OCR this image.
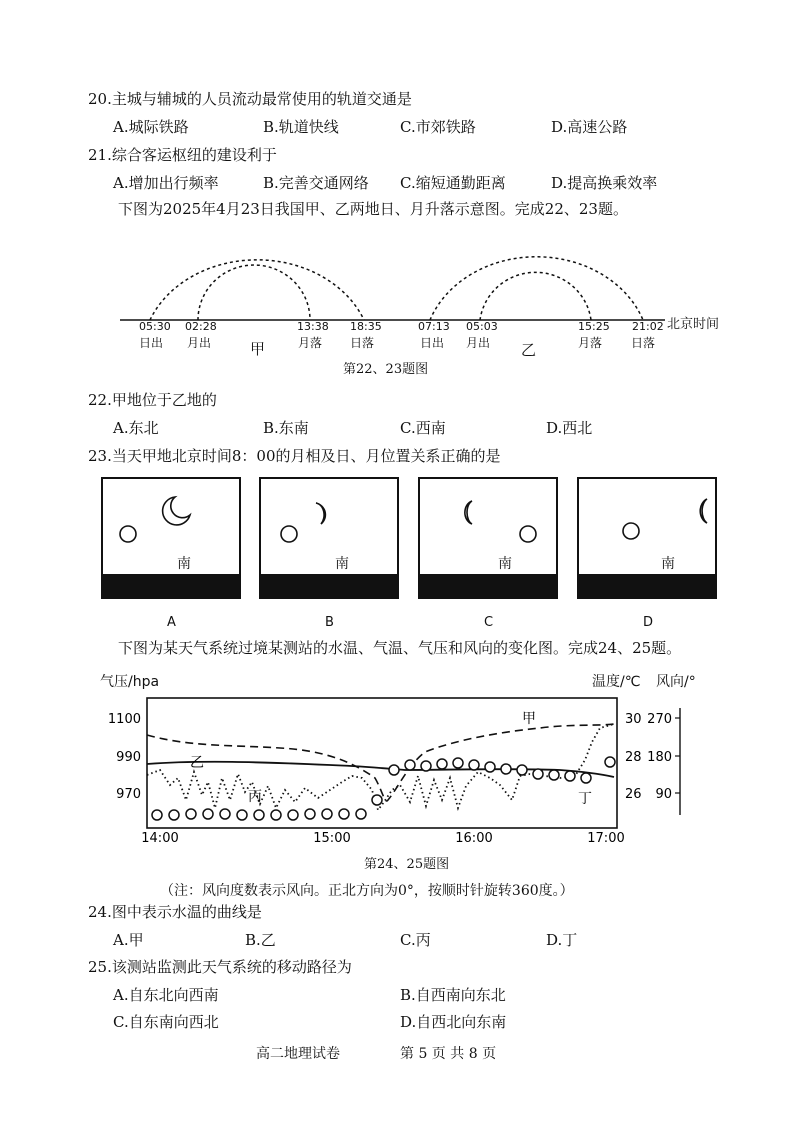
20.主城与辅城的人员流动最常使用的轨道交通是
A.城际铁路	B.轨道快线	C.市郊铁路	D.高速公路
21.综合客运枢纽的建设利于
A.增加出行频率	B.完善交通网络 C.缩短通勤距离	D.提高换乘效率
下图为2025年4月23日我国甲、乙两地日、月升落示意图。完成22、23题。
05:30 02:28	13:38 18:35	07:13 05:03	15:25 21:02 北京时间
日出 月出	月落 日落	日出 月出	月落 日落
甲	乙
第22、23题图
22.甲地位于乙地的
A.东北	B.东南	C.西南	D.西北
23.当天甲地北京时间8：00的月相及日、月位置关系正确的是
南	南	南	南
A	B	C	D
下图为某天气系统过境某测站的水温、气温、气压和风向的变化图。完成24、25题。
气压/hpa	温度/℃ 风向/°
1100
990
970
30
28
26
270
180
90
甲
乙
丙	丁
14:00	15:00	16:00	17:00
第24、25题图
（注：风向度数表示风向。正北方向为0°，按顺时针旋转360度。）
24.图中表示水温的曲线是
A.甲	B.乙	C.丙	D.丁
25.该测站监测此天气系统的移动路径为
A.自东北向西南	B.自西南向东北
C.自东南向西北	D.自西北向东南
高二地理试卷	第 5 页 共 8 页
